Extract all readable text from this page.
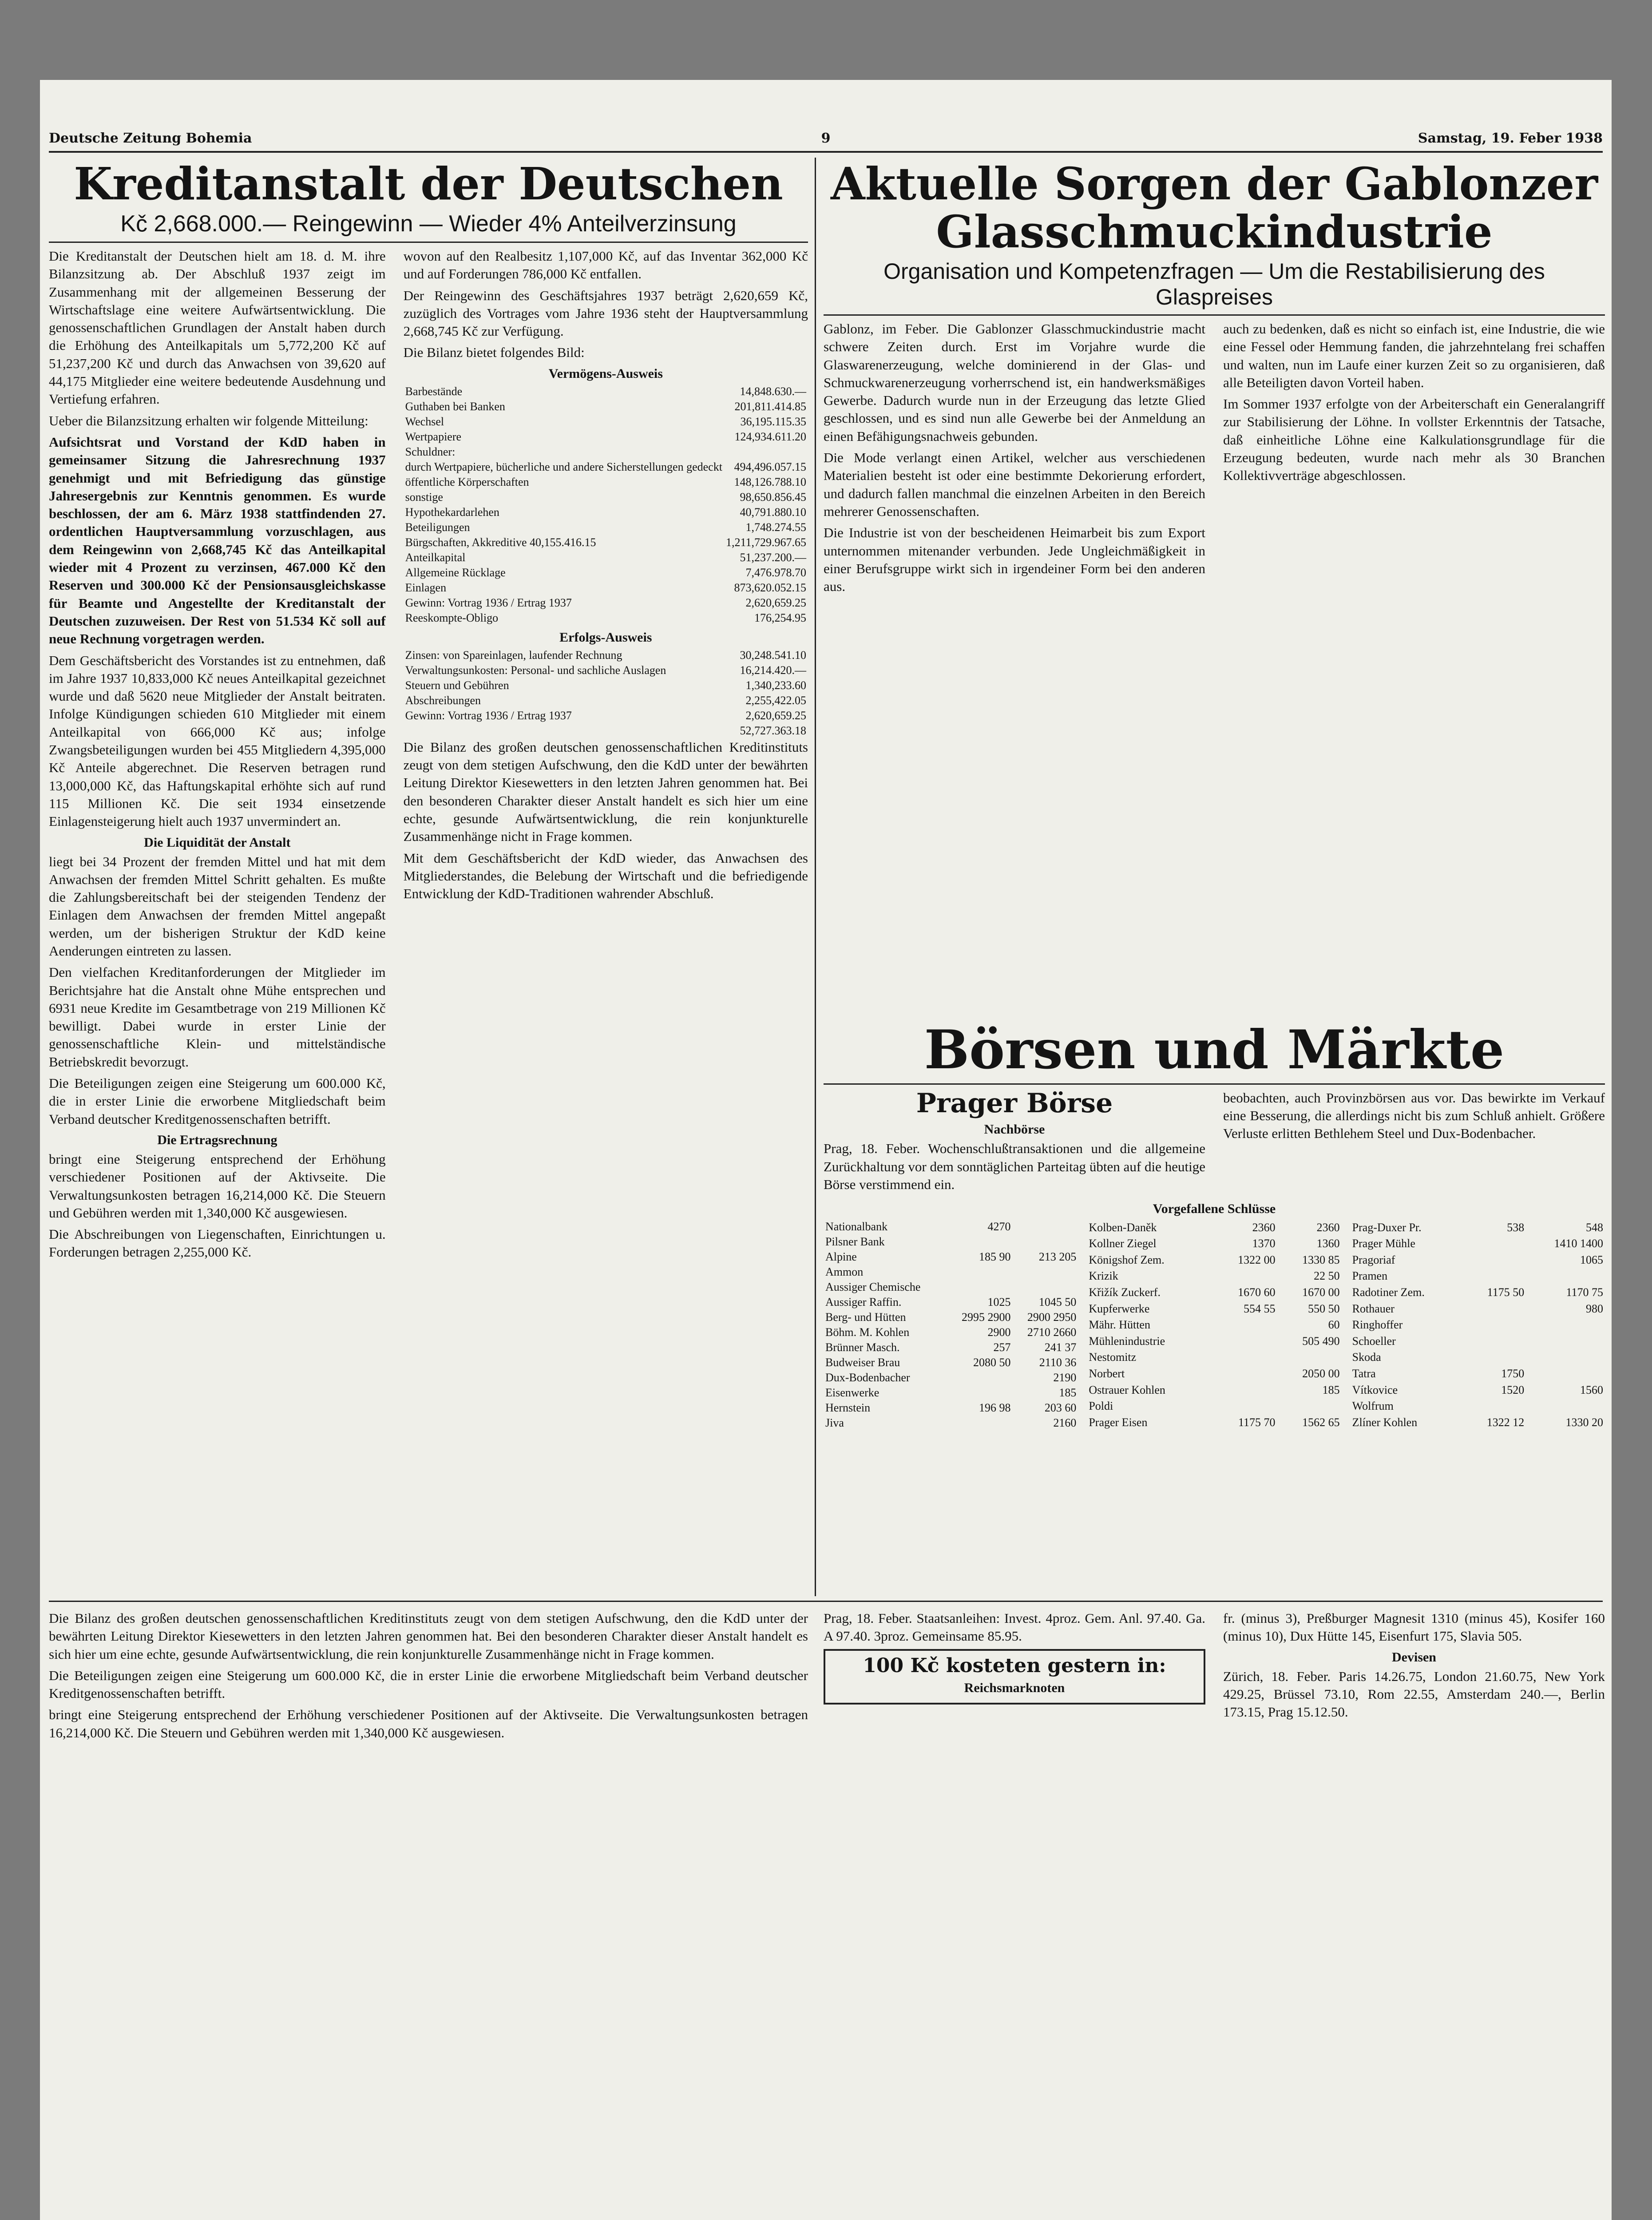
Deutsche Zeitung Bohemia	9	Samstag, 19. Feber 1938
Kreditanstalt der Deutschen
Kč 2,668.000.— Reingewinn — Wieder 4% Anteilverzinsung

Die Kreditanstalt der Deutschen hielt am 18. d. M. ihre Bilanzsitzung ab. Der Abschluß 1937 zeigt im Zusammenhang mit der allgemeinen Besserung der Wirtschaftslage eine weitere Aufwärtsentwicklung. Die genossenschaftlichen Grundlagen der Anstalt haben durch die Erhöhung des Anteilkapitals um 5,772,200 Kč auf 51,237,200 Kč und durch das Anwachsen von 39,620 auf 44,175 Mitglieder eine weitere bedeutende Ausdehnung und Vertiefung erfahren.

Ueber die Bilanzsitzung erhalten wir folgende Mitteilung:

Aufsichtsrat und Vorstand der KdD haben in gemeinsamer Sitzung die Jahresrechnung 1937 genehmigt und mit Befriedigung das günstige Jahresergebnis zur Kenntnis genommen. Es wurde beschlossen, der am 6. März 1938 stattfindenden 27. ordentlichen Hauptversammlung vorzuschlagen, aus dem Reingewinn von 2,668,745 Kč das Anteilkapital wieder mit 4 Prozent zu verzinsen, 467.000 Kč den Reserven und 300.000 Kč der Pensionsausgleichskasse für Beamte und Angestellte der Kreditanstalt der Deutschen zuzuweisen. Der Rest von 51.534 Kč soll auf neue Rechnung vorgetragen werden.

Dem Geschäftsbericht des Vorstandes ist zu entnehmen, daß im Jahre 1937 10,833,000 Kč neues Anteilkapital gezeichnet wurde und daß 5620 neue Mitglieder der Anstalt beitraten. Infolge Kündigungen schieden 610 Mitglieder mit einem Anteilkapital von 666,000 Kč aus; infolge Zwangsbeteiligungen wurden bei 455 Mitgliedern 4,395,000 Kč Anteile abgerechnet. Die Reserven betragen rund 13,000,000 Kč, das Haftungskapital erhöhte sich auf rund 115 Millionen Kč. Die seit 1934 einsetzende Einlagensteigerung hielt auch 1937 unvermindert an.

Die Liquidität der Anstalt

liegt bei 34 Prozent der fremden Mittel und hat mit dem Anwachsen der fremden Mittel Schritt gehalten. Es mußte die Zahlungsbereitschaft bei der steigenden Tendenz der Einlagen dem Anwachsen der fremden Mittel angepaßt werden, um der bisherigen Struktur der KdD keine Aenderungen eintreten zu lassen.

Den vielfachen Kreditanforderungen der Mitglieder im Berichtsjahre hat die Anstalt ohne Mühe entsprechen und 6931 neue Kredite im Gesamtbetrage von 219 Millionen Kč bewilligt. Dabei wurde in erster Linie der genossenschaftliche Klein- und mittelständische Betriebskredit bevorzugt.

Die Beteiligungen zeigen eine Steigerung um 600.000 Kč, die in erster Linie die erworbene Mitgliedschaft beim Verband deutscher Kreditgenossenschaften betrifft.

Die Ertragsrechnung

bringt eine Steigerung entsprechend der Erhöhung verschiedener Positionen auf der Aktivseite. Die Verwaltungsunkosten betragen 16,214,000 Kč. Die Steuern und Gebühren werden mit 1,340,000 Kč ausgewiesen.

Die Abschreibungen von Liegenschaften, Einrichtungen u. Forderungen betragen 2,255,000 Kč.

wovon auf den Realbesitz 1,107,000 Kč, auf das Inventar 362,000 Kč und auf Forderungen 786,000 Kč entfallen.

Der Reingewinn des Geschäftsjahres 1937 beträgt 2,620,659 Kč, zuzüglich des Vortrages vom Jahre 1936 steht der Hauptversammlung 2,668,745 Kč zur Verfügung.

Die Bilanz bietet folgendes Bild:

Vermögens-Ausweis
Barbestände	14,848.630.—
Guthaben bei Banken	201,811.414.85
Wechsel	36,195.115.35
Wertpapiere	124,934.611.20
Schuldner:	
durch Wertpapiere, bücherliche und andere Sicherstellungen gedeckt	494,496.057.15
öffentliche Körperschaften	148,126.788.10
sonstige	98,650.856.45
Hypothekardarlehen	40,791.880.10
Beteiligungen	1,748.274.55
Bürgschaften, Akkreditive 40,155.416.15	1,211,729.967.65
Anteilkapital	51,237.200.—
Allgemeine Rücklage	7,476.978.70
Einlagen	873,620.052.15
Gewinn: Vortrag 1936 / Ertrag 1937	2,620,659.25
Reeskompte-Obligo	176,254.95
Erfolgs-Ausweis
Zinsen: von Spareinlagen, laufender Rechnung	30,248.541.10
Verwaltungsunkosten: Personal- und sachliche Auslagen	16,214.420.—
Steuern und Gebühren	1,340,233.60
Abschreibungen	2,255,422.05
Gewinn: Vortrag 1936 / Ertrag 1937	2,620,659.25
	52,727.363.18

Die Bilanz des großen deutschen genossenschaftlichen Kreditinstituts zeugt von dem stetigen Aufschwung, den die KdD unter der bewährten Leitung Direktor Kiesewetters in den letzten Jahren genommen hat. Bei den besonderen Charakter dieser Anstalt handelt es sich hier um eine echte, gesunde Aufwärtsentwicklung, die rein konjunkturelle Zusammenhänge nicht in Frage kommen.

Mit dem Geschäftsbericht der KdD wieder, das Anwachsen des Mitgliederstandes, die Belebung der Wirtschaft und die befriedigende Entwicklung der KdD-Traditionen wahrender Abschluß.

Aktuelle Sorgen der Gablonzer
Glasschmuckindustrie
Organisation und Kompetenzfragen — Um die Restabilisierung des Glaspreises

Gablonz, im Feber. Die Gablonzer Glasschmuckindustrie macht schwere Zeiten durch. Erst im Vorjahre wurde die Glaswarenerzeugung, welche dominierend in der Glas- und Schmuckwarenerzeugung vorherrschend ist, ein handwerksmäßiges Gewerbe. Dadurch wurde nun in der Erzeugung das letzte Glied geschlossen, und es sind nun alle Gewerbe bei der Anmeldung an einen Befähigungsnachweis gebunden.

Die Mode verlangt einen Artikel, welcher aus verschiedenen Materialien besteht ist oder eine bestimmte Dekorierung erfordert, und dadurch fallen manchmal die einzelnen Arbeiten in den Bereich mehrerer Genossenschaften.

Die Industrie ist von der bescheidenen Heimarbeit bis zum Export unternommen mitenander verbunden. Jede Ungleichmäßigkeit in einer Berufsgruppe wirkt sich in irgendeiner Form bei den anderen aus.

auch zu bedenken, daß es nicht so einfach ist, eine Industrie, die wie eine Fessel oder Hemmung fanden, die jahrzehntelang frei schaffen und walten, nun im Laufe einer kurzen Zeit so zu organisieren, daß alle Beteiligten davon Vorteil haben.

Im Sommer 1937 erfolgte von der Arbeiterschaft ein Generalangriff zur Stabilisierung der Löhne. In vollster Erkenntnis der Tatsache, daß einheitliche Löhne eine Kalkulationsgrundlage für die Erzeugung bedeuten, wurde nach mehr als 30 Branchen Kollektivverträge abgeschlossen.

Börsen und Märkte
Prager Börse
Nachbörse

Prag, 18. Feber. Wochenschlußtransaktionen und die allgemeine Zurückhaltung vor dem sonntäglichen Parteitag übten auf die heutige Börse verstimmend ein.

beobachten, auch Provinzbörsen aus vor. Das bewirkte im Verkauf eine Besserung, die allerdings nicht bis zum Schluß anhielt. Größere Verluste erlitten Bethlehem Steel und Dux-Bodenbacher.

Vorgefallene Schlüsse
Nationalbank	4270	
Pilsner Bank		
Alpine	185 90	213 205
Ammon		
Aussiger Chemische		
Aussiger Raffin.	1025	1045 50
Berg- und Hütten	2995 2900	2900 2950
Böhm. M. Kohlen	2900	2710 2660
Brünner Masch.	257	241 37
Budweiser Brau	2080 50	2110 36
Dux-Bodenbacher		2190
Eisenwerke		185
Hernstein	196 98	203 60
Jiva		2160
Kolben-Daněk	2360	2360
Kollner Ziegel	1370	1360
Königshof Zem.	1322 00	1330 85
Krizik		22 50
Křižík Zuckerf.	1670 60	1670 00
Kupferwerke	554 55	550 50
Mähr. Hütten		60
Mühlenindustrie		505 490
Nestomitz		
Norbert		2050 00
Ostrauer Kohlen		185
Poldi		
Prager Eisen	1175 70	1562 65
Prag-Duxer Pr.	538	548
Prager Mühle		1410 1400
Pragoriaf		1065
Pramen		
Radotiner Zem.	1175 50	1170 75
Rothauer		980
Ringhoffer		
Schoeller		
Skoda		
Tatra	1750	
Vítkovice	1520	1560
Wolfrum		
Zlíner Kohlen	1322 12	1330 20

Die Bilanz des großen deutschen genossenschaftlichen Kreditinstituts zeugt von dem stetigen Aufschwung, den die KdD unter der bewährten Leitung Direktor Kiesewetters in den letzten Jahren genommen hat. Bei den besonderen Charakter dieser Anstalt handelt es sich hier um eine echte, gesunde Aufwärtsentwicklung, die rein konjunkturelle Zusammenhänge nicht in Frage kommen.

Die Beteiligungen zeigen eine Steigerung um 600.000 Kč, die in erster Linie die erworbene Mitgliedschaft beim Verband deutscher Kreditgenossenschaften betrifft.

bringt eine Steigerung entsprechend der Erhöhung verschiedener Positionen auf der Aktivseite. Die Verwaltungsunkosten betragen 16,214,000 Kč. Die Steuern und Gebühren werden mit 1,340,000 Kč ausgewiesen.

Prag, 18. Feber. Staatsanleihen: Invest. 4proz. Gem. Anl. 97.40. Ga. A 97.40. 3proz. Gemeinsame 85.95.

100 Kč kosteten gestern in:
Reichsmarknoten

fr. (minus 3), Preßburger Magnesit 1310 (minus 45), Kosifer 160 (minus 10), Dux Hütte 145, Eisenfurt 175, Slavia 505.

Devisen

Zürich, 18. Feber. Paris 14.26.75, London 21.60.75, New York 429.25, Brüssel 73.10, Rom 22.55, Amsterdam 240.—, Berlin 173.15, Prag 15.12.50.
